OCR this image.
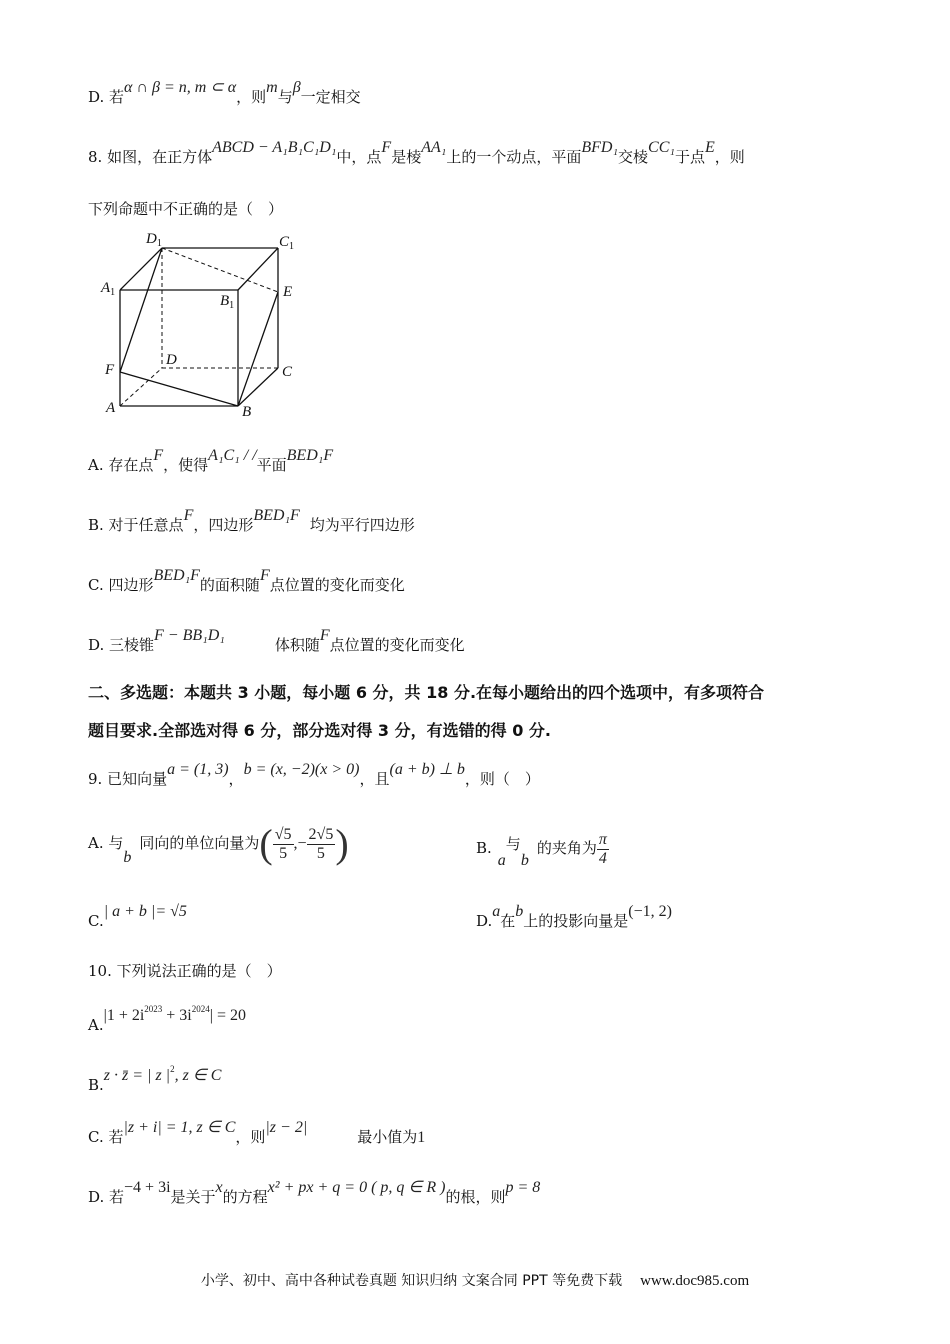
D. 若α ∩ β = n, m ⊂ α，则m与β一定相交
8. 如图，在正方体ABCD − A₁B₁C₁D₁中，点F是棱AA₁上的一个动点，平面BFD₁交棱CC₁于点E，则
下列命题中不正确的是（　）
$D_1$	$C_1$
$A_1$
$B_1$
E
D
F	C
A	B
A. 存在点F，使得A₁C₁ / /平面BED₁F
B. 对于任意点F，四边形BED₁F均为平行四边形
C. 四边形BED₁F的面积随F点位置的变化而变化
D. 三棱锥F − BB₁D₁体积随F点位置的变化而变化
二、多选题：本题共 3 小题，每小题 6 分，共 18 分.在每小题给出的四个选项中，有多项符合
题目要求.全部选对得 6 分，部分选对得 3 分，有选错的得 0 分.
9. 已知向量a = (1, 3)，b = (x, −2)(x > 0)，且(a + b) ⊥ b，则（　）
A. 与b同向的单位向量为( $\frac{√5}{5}$ ,− $\frac{2√5}{5}$ )	B.a与b的夹角为 $\frac{\pi}{4}$
C.| a + b |= √5
D.a在b上的投影向量是(−1, 2)
10. 下列说法正确的是（　）
$A.|1 + 2i^{2023} + 3i^{2024}| = 20$
B.z · z̄ = | z $|^2$, z ∈ C
C. 若|z + i| = 1, z ∈ C，则|z − 2|最小值为1
D. 若−4 + 3i是关于x的方程x² + px + q = 0 ( p, q ∈ R )的根，则p = 8
小学、初中、高中各种试卷真题 知识归纳 文案合同 PPT 等免费下载 www.doc985.com
